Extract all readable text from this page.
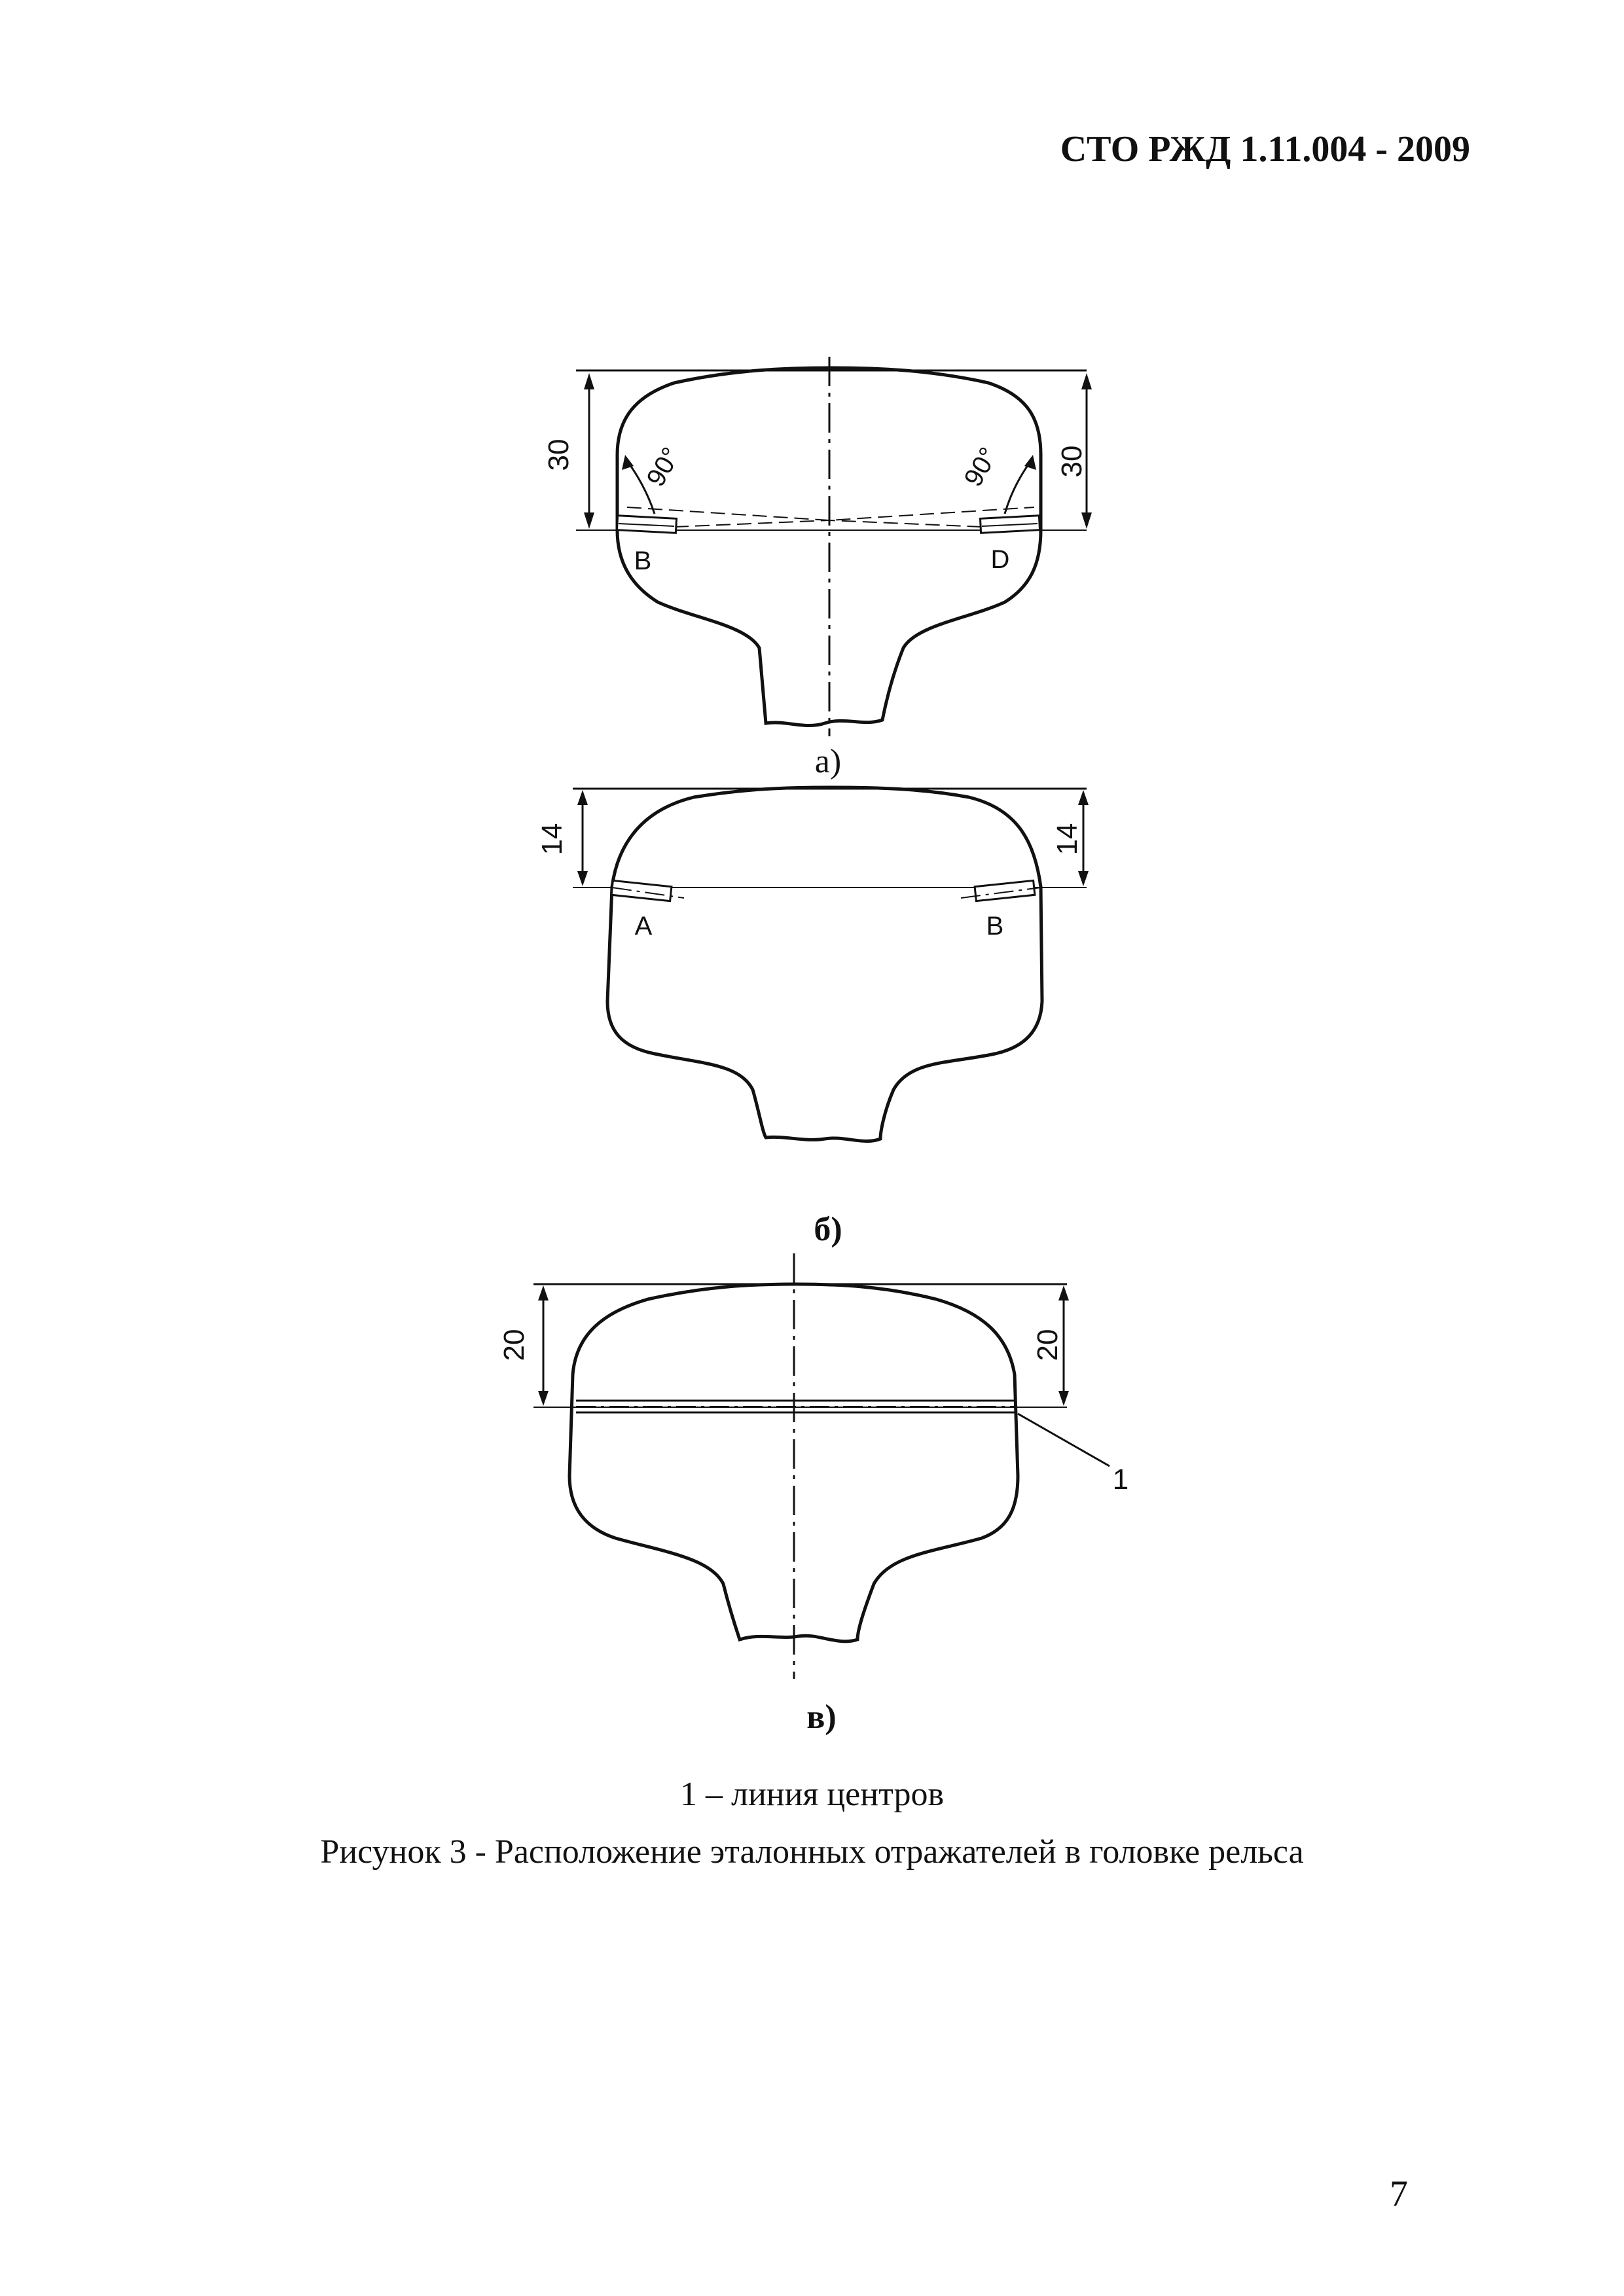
СТО РЖД 1.11.004 - 2009
30	30
90°	90°
В	D
а)
14	14
А	В
б)
20	20
1
в)
1 – линия центров
Рисунок 3 - Расположение эталонных отражателей в головке рельса
7
